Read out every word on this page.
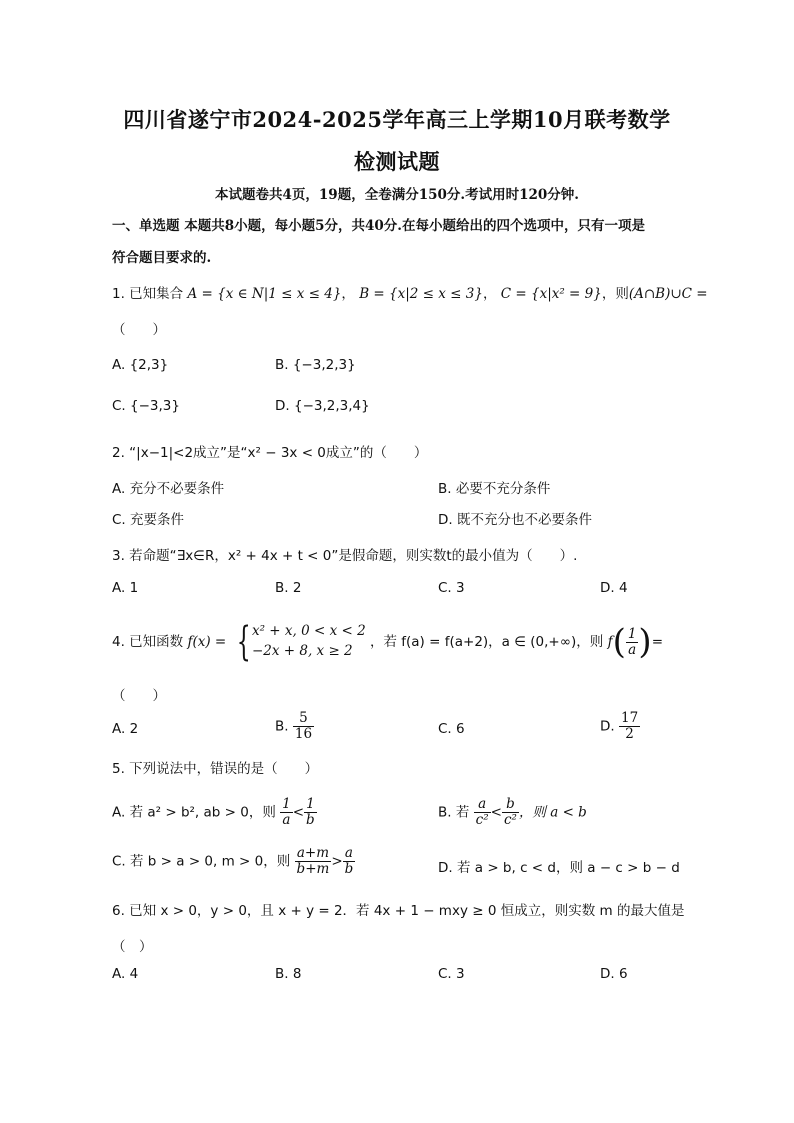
四川省遂宁市2024-2025学年高三上学期10月联考数学
检测试题
本试题卷共4页，19题，全卷满分150分.考试用时120分钟.
一、单选题 本题共8小题，每小题5分，共40分.在每小题给出的四个选项中，只有一项是
符合题目要求的.
1. 已知集合 A = {x ∈ N|1 ≤ x ≤ 4}， B = {x|2 ≤ x ≤ 3}， C = {x|x² = 9}，则(A∩B)∪C =
（　　）
A. {2,3}	B. {−3,2,3}
C. {−3,3}	D. {−3,2,3,4}
2. “|x−1|<2成立”是“x² − 3x < 0成立”的（　　）
A. 充分不必要条件	B. 必要不充分条件
C. 充要条件	D. 既不充分也不必要条件
3. 若命题“∃x∈R，x² + 4x + t < 0”是假命题，则实数t的最小值为（　　）.
A. 1	B. 2	C. 3	D. 4
4. 已知函数 f(x) = { x² + x, 0 < x < 2
−2x + 8, x ≥ 2
，若 f(a) = f(a+2)，a ∈ (0,+∞)，则 $f( \frac{1}{a}$ )=
（　　）
A. 2	B. $\frac{5}{16}$	C. 6	D. $\frac{17}{2}$
5. 下列说法中，错误的是（　　）
A. 若 a² > b², ab > 0，则 $\frac{1}{a} < \frac{1}{b}$	B. 若 $\frac{a}{\text{c²}} < \frac{b}{\text{c²}}$ ，则 a < b
C. 若 b > a > 0, m > 0，则 $\frac{a+m}{b+m} > \frac{a}{b}$	D. 若 a > b, c < d，则 a − c > b − d
6. 已知 x > 0，y > 0，且 x + y = 2．若 4x + 1 − mxy ≥ 0 恒成立，则实数 m 的最大值是
（　）
A. 4	B. 8	C. 3	D. 6
